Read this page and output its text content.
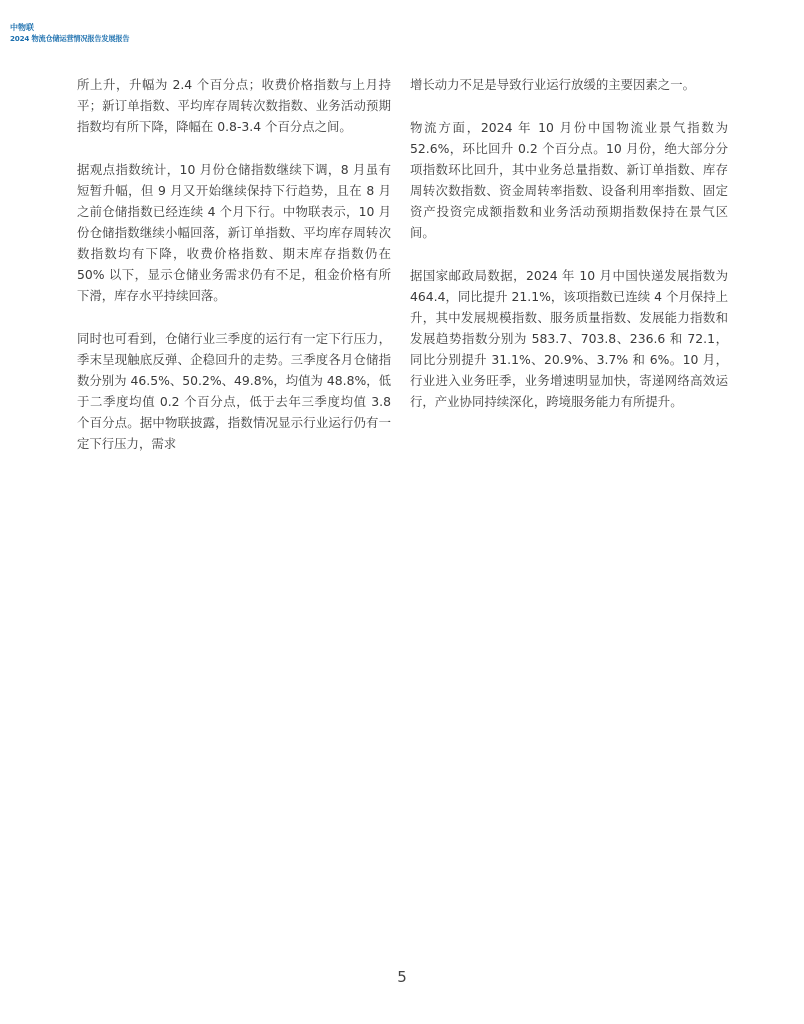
中物联
2024 物流仓储运营情况报告发展报告

所上升，升幅为 2.4 个百分点；收费价格指数与上月持平；新订单指数、平均库存周转次数指数、业务活动预期指数均有所下降，降幅在 0.8-3.4 个百分点之间。

据观点指数统计，10 月份仓储指数继续下调，8 月虽有短暂升幅，但 9 月又开始继续保持下行趋势，且在 8 月之前仓储指数已经连续 4 个月下行。中物联表示，10 月份仓储指数继续小幅回落，新订单指数、平均库存周转次数指数均有下降，收费价格指数、期末库存指数仍在 50% 以下，显示仓储业务需求仍有不足，租金价格有所下滑，库存水平持续回落。

同时也可看到，仓储行业三季度的运行有一定下行压力，季末呈现触底反弹、企稳回升的走势。三季度各月仓储指数分别为 46.5%、50.2%、49.8%，均值为 48.8%，低于二季度均值 0.2 个百分点，低于去年三季度均值 3.8 个百分点。据中物联披露，指数情况显示行业运行仍有一定下行压力，需求

增长动力不足是导致行业运行放缓的主要因素之一。

物流方面，2024 年 10 月份中国物流业景气指数为 52.6%，环比回升 0.2 个百分点。10 月份，绝大部分分项指数环比回升，其中业务总量指数、新订单指数、库存周转次数指数、资金周转率指数、设备利用率指数、固定资产投资完成额指数和业务活动预期指数保持在景气区间。

据国家邮政局数据，2024 年 10 月中国快递发展指数为 464.4，同比提升 21.1%，该项指数已连续 4 个月保持上升，其中发展规模指数、服务质量指数、发展能力指数和发展趋势指数分别为 583.7、703.8、236.6 和 72.1，同比分别提升 31.1%、20.9%、3.7% 和 6%。10 月，行业进入业务旺季，业务增速明显加快，寄递网络高效运行，产业协同持续深化，跨境服务能力有所提升。

5
